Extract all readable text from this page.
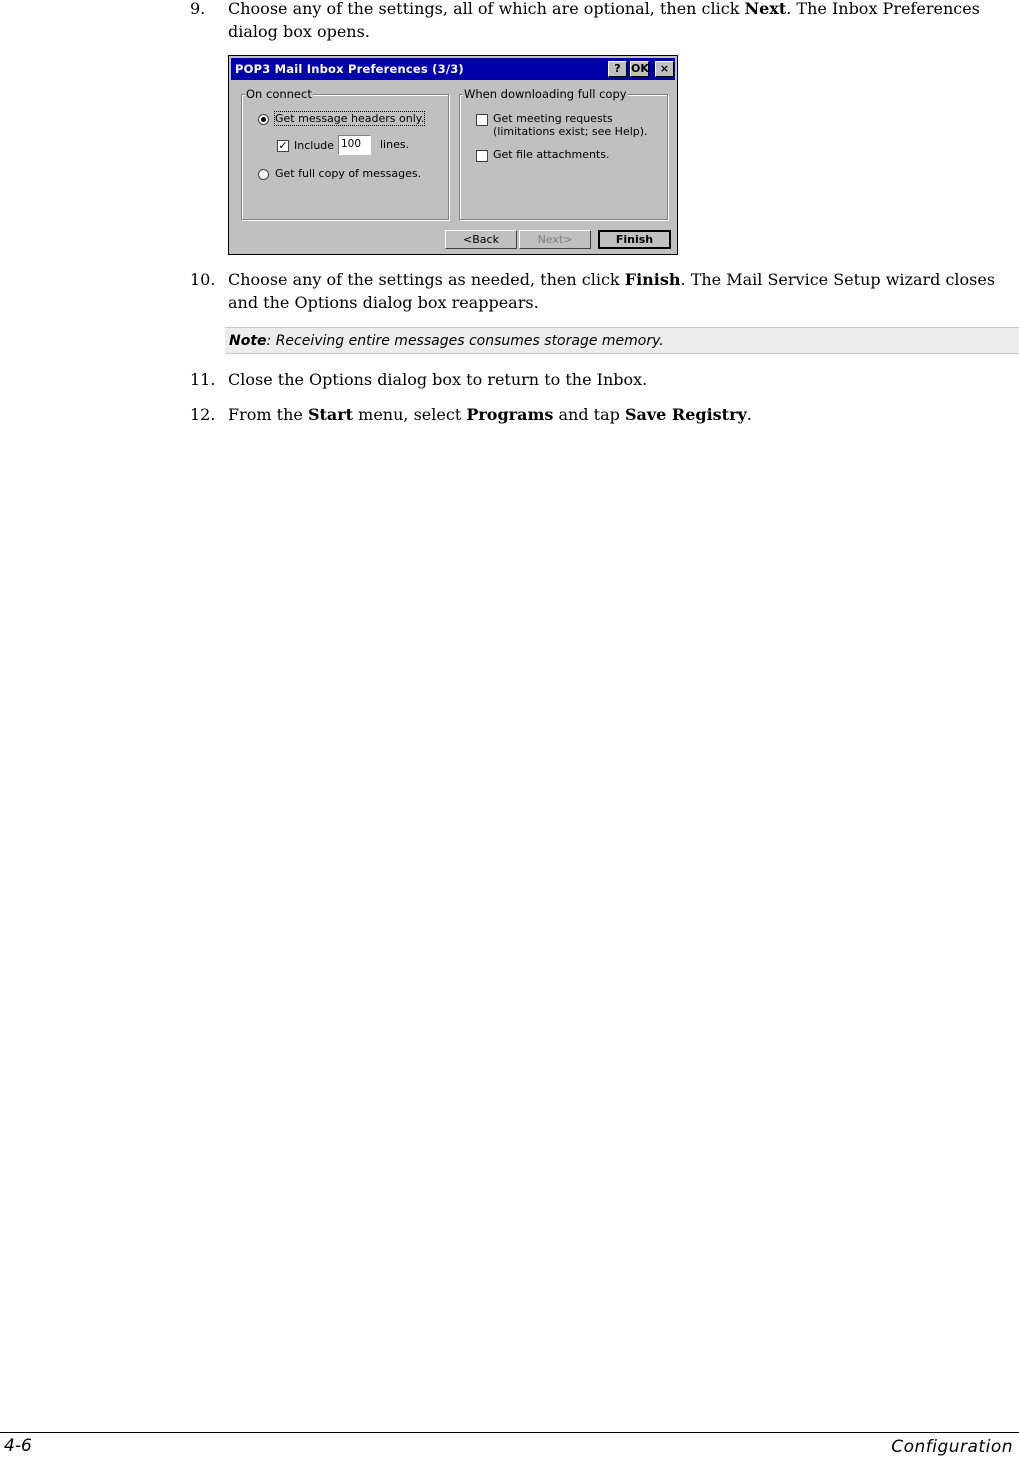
9.	Choose any of the settings, all of which are optional, then click Next. The Inbox Preferences dialog box opens.
POP3 Mail Inbox Preferences (3/3)	? OK	×
On connect
Get message headers only.
✓ Include 100	lines.
Get full copy of messages.
When downloading full copy
Get meeting requests
(limitations exist; see Help).
Get file attachments.
<Back	Next>	Finish
10. Choose any of the settings as needed, then click Finish. The Mail Service Setup wizard closes and the Options dialog box reappears.
Note: Receiving entire messages consumes storage memory.
11. Close the Options dialog box to return to the Inbox.
12. From the Start menu, select Programs and tap Save Registry.
4-6	Configuration
